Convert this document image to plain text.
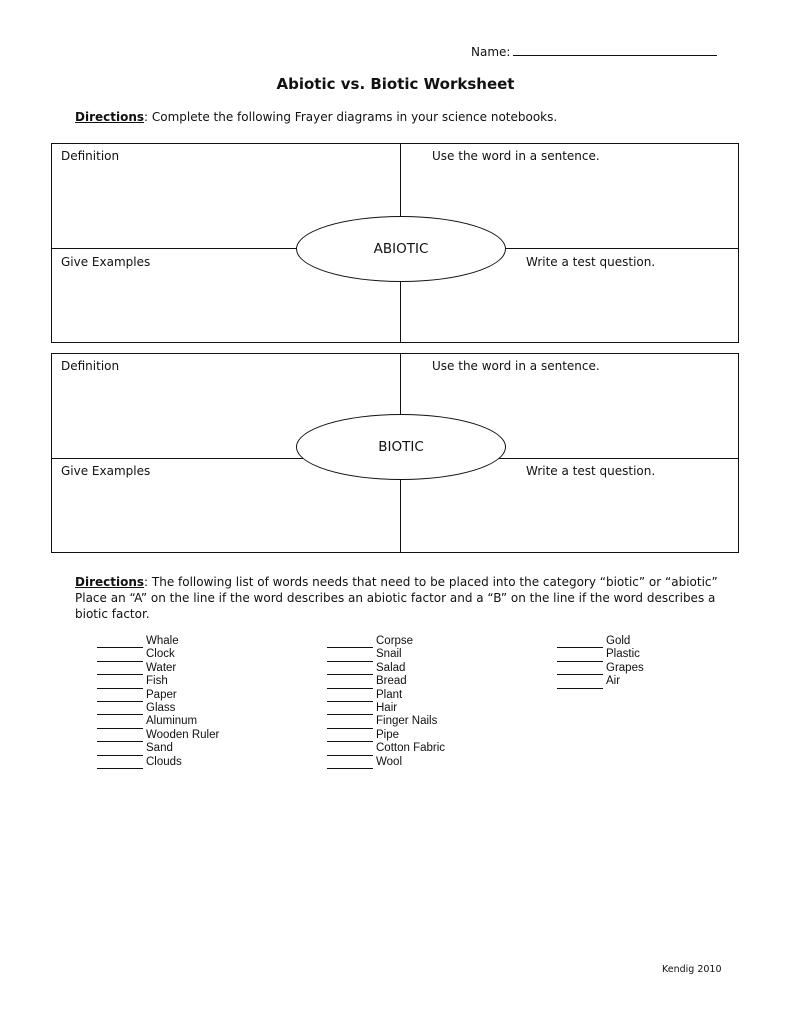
Name:
Abiotic vs. Biotic Worksheet
Directions: Complete the following Frayer diagrams in your science notebooks.
Definition	Use the word in a sentence.
Give Examples	Write a test question.
ABIOTIC
Definition	Use the word in a sentence.
Give Examples	Write a test question.
BIOTIC
Directions: The following list of words needs that need to be placed into the category “biotic” or “abiotic” Place an “A” on the line if the word describes an abiotic factor and a “B” on the line if the word describes a biotic factor.
Whale
Clock
Water
Fish
Paper
Glass
Aluminum
Wooden Ruler
Sand
Clouds
Corpse
Snail
Salad
Bread
Plant
Hair
Finger Nails
Pipe
Cotton Fabric
Wool
Gold
Plastic
Grapes
Air
Kendig 2010
